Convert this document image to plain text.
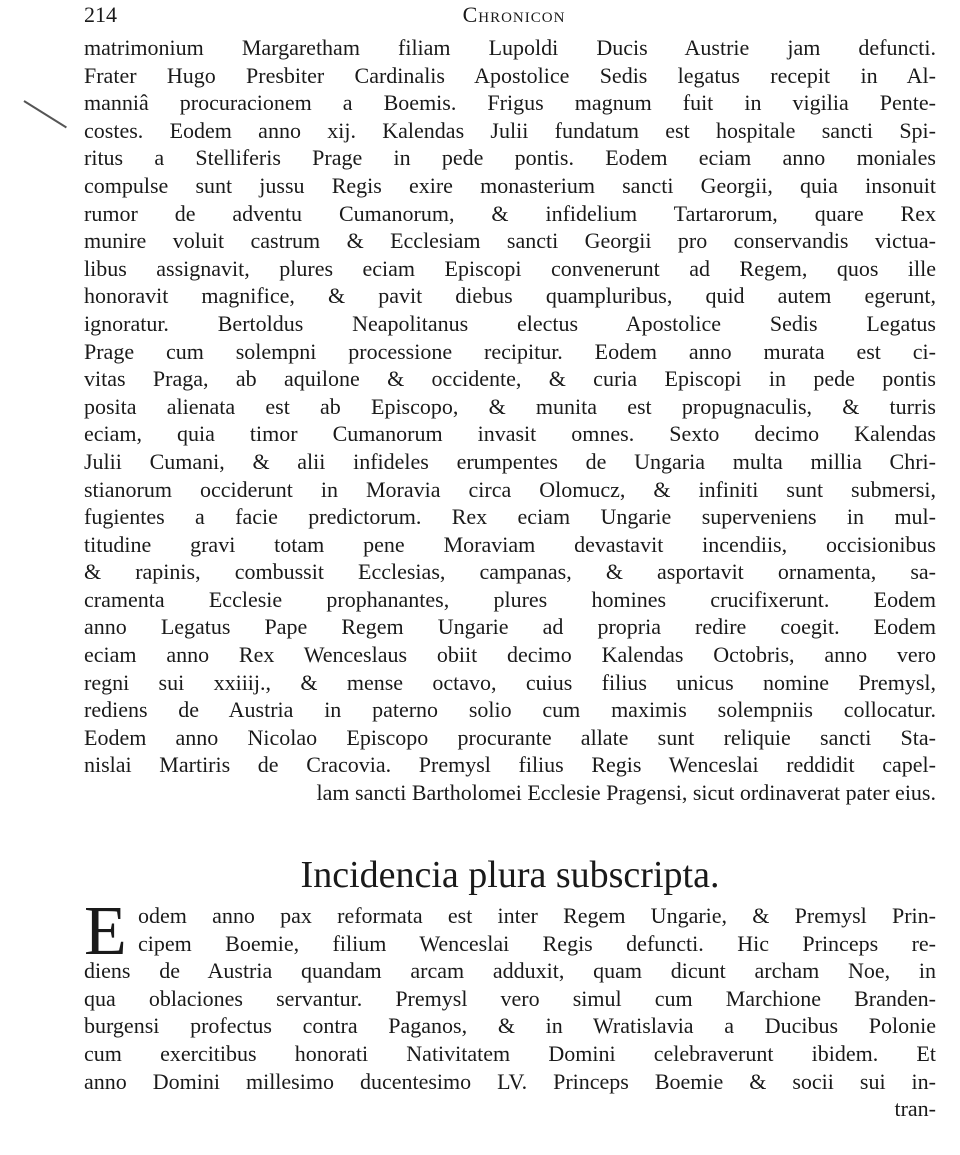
214	Chronicon
matrimonium Margaretham filiam Lupoldi Ducis Austrie jam defuncti.
Frater Hugo Presbiter Cardinalis Apostolice Sedis legatus recepit in Al-
manniâ procuracionem a Boemis. Frigus magnum fuit in vigilia Pente-
costes. Eodem anno xij. Kalendas Julii fundatum est hospitale sancti Spi-
ritus a Stelliferis Prage in pede pontis. Eodem eciam anno moniales
compulse sunt jussu Regis exire monasterium sancti Georgii, quia insonuit
rumor de adventu Cumanorum, & infidelium Tartarorum, quare Rex
munire voluit castrum & Ecclesiam sancti Georgii pro conservandis victua-
libus assignavit, plures eciam Episcopi convenerunt ad Regem, quos ille
honoravit magnifice, & pavit diebus quampluribus, quid autem egerunt,
ignoratur. Bertoldus Neapolitanus electus Apostolice Sedis Legatus
Prage cum solempni processione recipitur. Eodem anno murata est ci-
vitas Praga, ab aquilone & occidente, & curia Episcopi in pede pontis
posita alienata est ab Episcopo, & munita est propugnaculis, & turris
eciam, quia timor Cumanorum invasit omnes. Sexto decimo Kalendas
Julii Cumani, & alii infideles erumpentes de Ungaria multa millia Chri-
stianorum occiderunt in Moravia circa Olomucz, & infiniti sunt submersi,
fugientes a facie predictorum. Rex eciam Ungarie superveniens in mul-
titudine gravi totam pene Moraviam devastavit incendiis, occisionibus
& rapinis, combussit Ecclesias, campanas, & asportavit ornamenta, sa-
cramenta Ecclesie prophanantes, plures homines crucifixerunt. Eodem
anno Legatus Pape Regem Ungarie ad propria redire coegit. Eodem
eciam anno Rex Wenceslaus obiit decimo Kalendas Octobris, anno vero
regni sui xxiiij., & mense octavo, cuius filius unicus nomine Premysl,
rediens de Austria in paterno solio cum maximis solempniis collocatur.
Eodem anno Nicolao Episcopo procurante allate sunt reliquie sancti Sta-
nislai Martiris de Cracovia. Premysl filius Regis Wenceslai reddidit capel-
lam sancti Bartholomei Ecclesie Pragensi, sicut ordinaverat pater eius.
Incidencia plura subscripta.
E odem anno pax reformata est inter Regem Ungarie, & Premysl Prin-
cipem Boemie, filium Wenceslai Regis defuncti. Hic Princeps re-
diens de Austria quandam arcam adduxit, quam dicunt archam Noe, in
qua oblaciones servantur. Premysl vero simul cum Marchione Branden-
burgensi profectus contra Paganos, & in Wratislavia a Ducibus Polonie
cum exercitibus honorati Nativitatem Domini celebraverunt ibidem. Et
anno Domini millesimo ducentesimo LV. Princeps Boemie & socii sui in-
tran-
